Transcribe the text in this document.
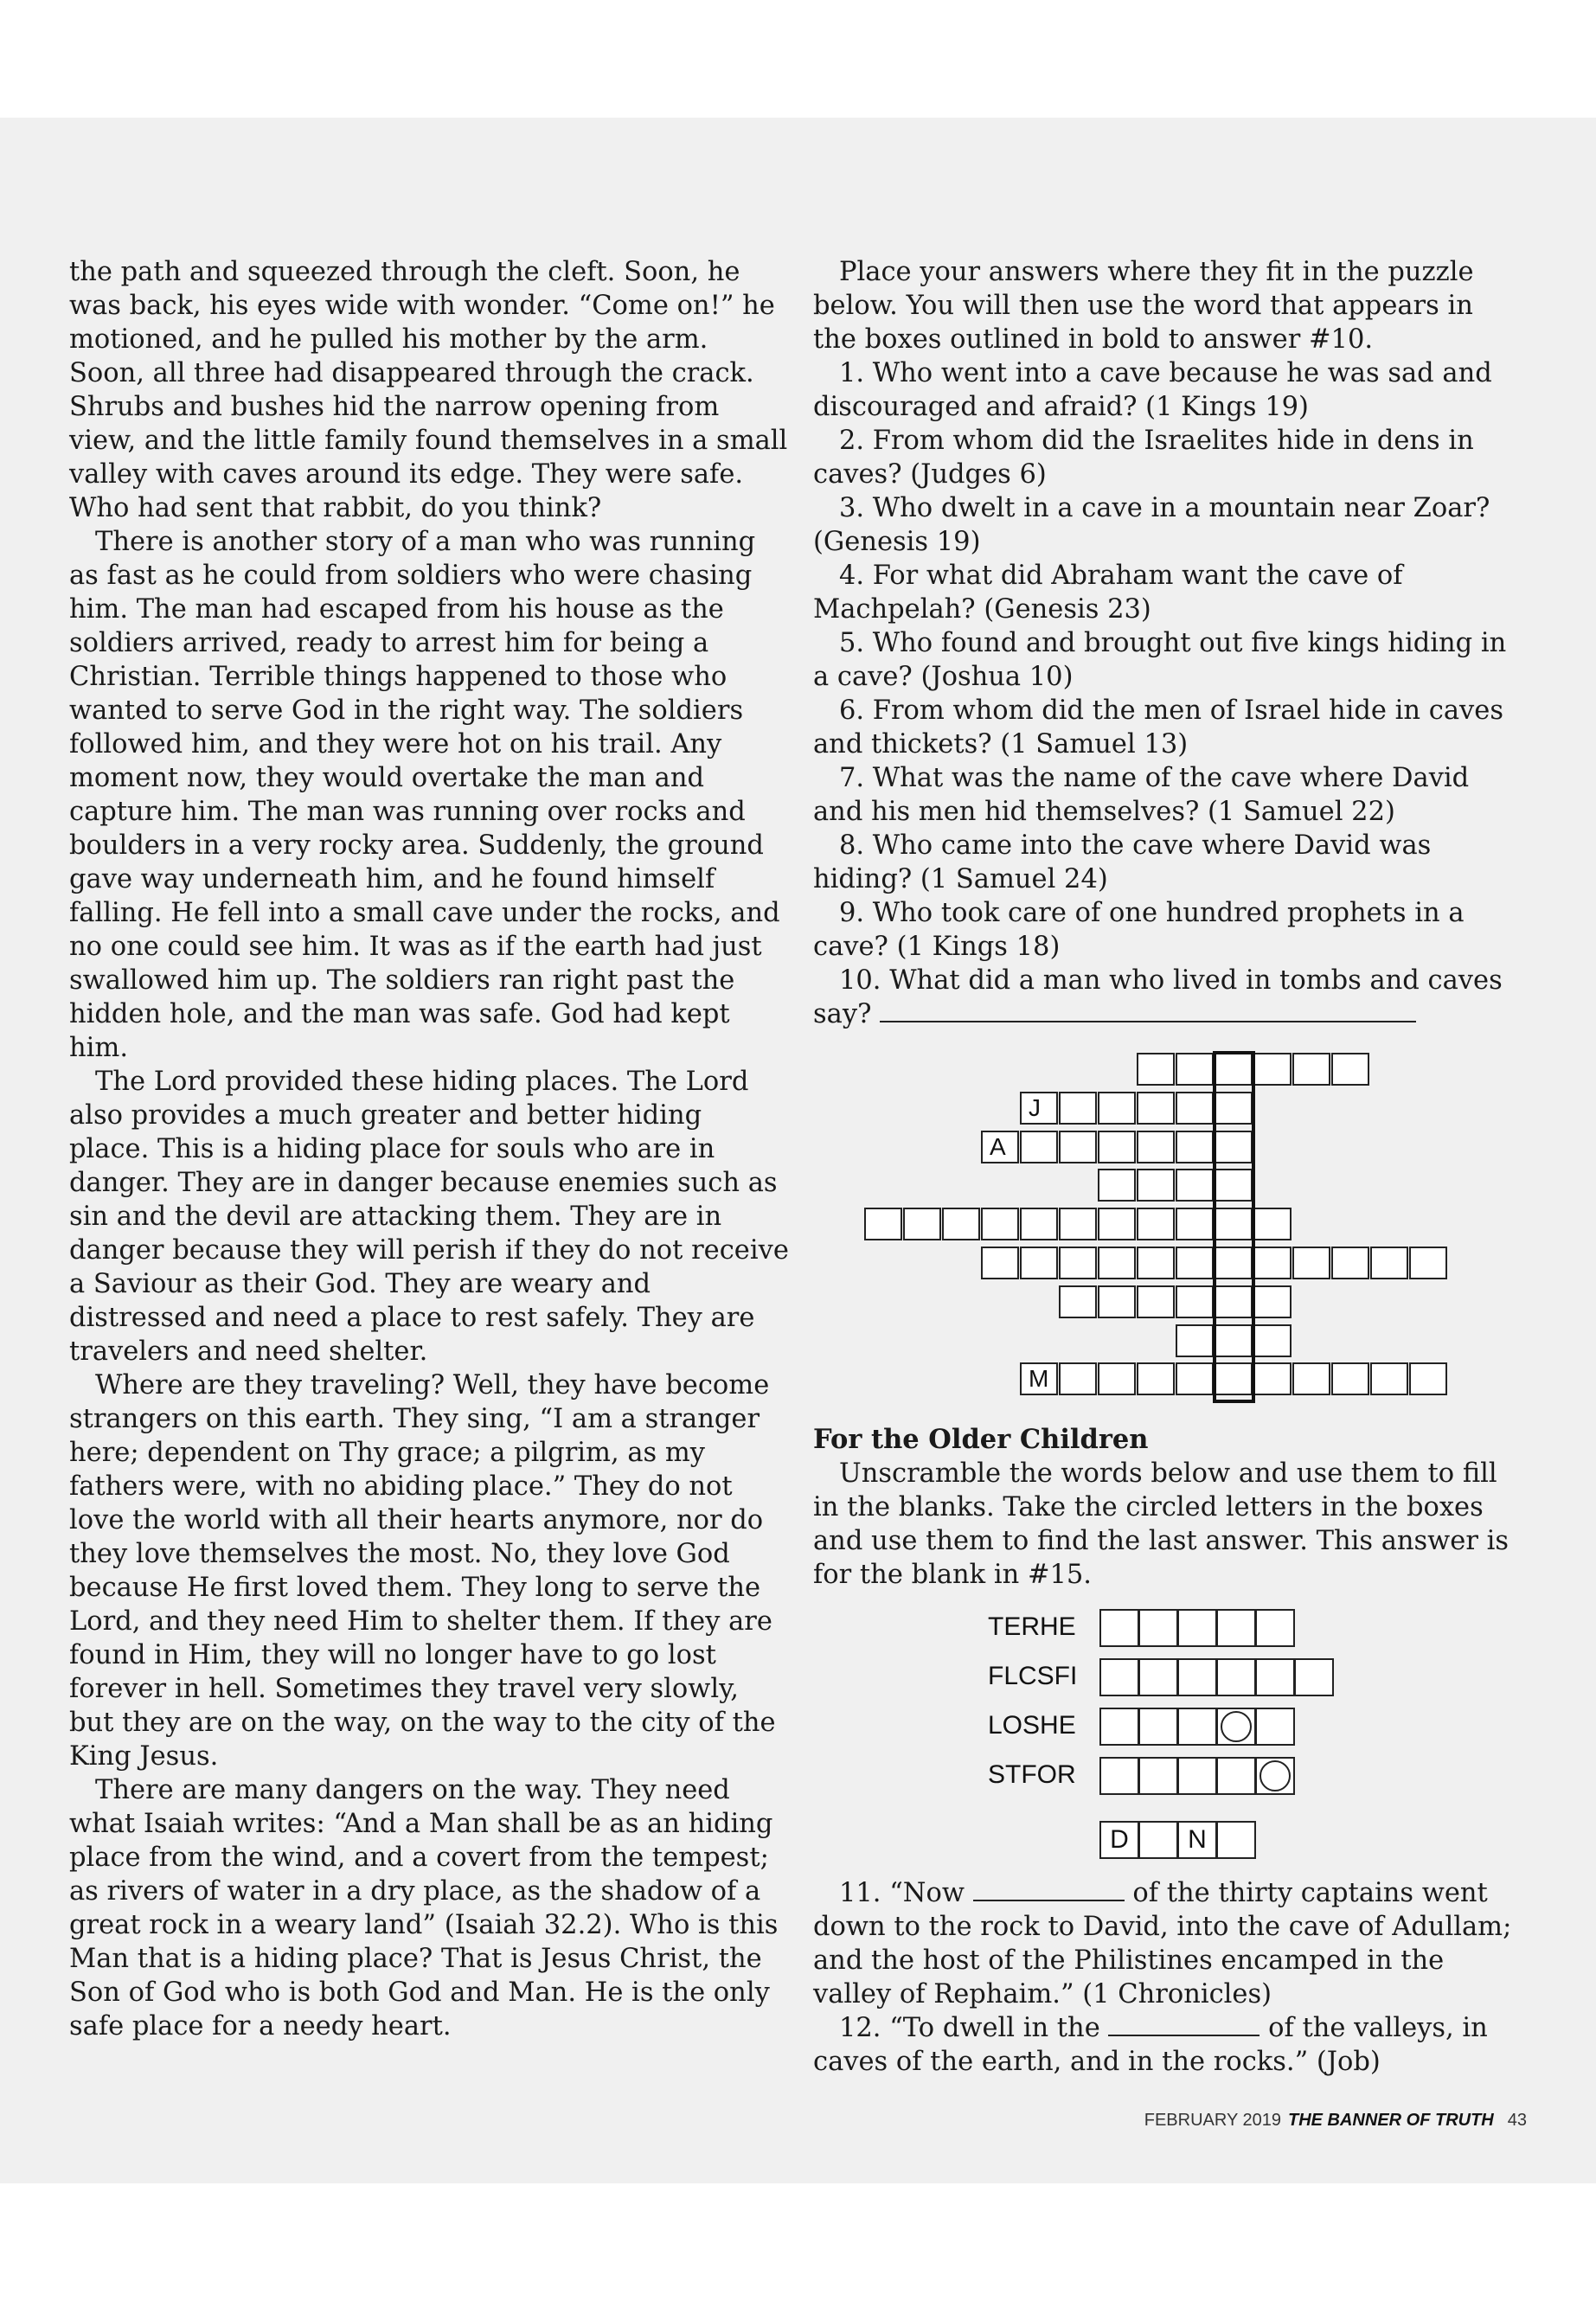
the path and squeezed through the cleft. Soon, he was back, his eyes wide with wonder. “Come on!” he motioned, and he pulled his mother by the arm. Soon, all three had disappeared through the crack. Shrubs and bushes hid the narrow opening from view, and the little family found themselves in a small valley with caves around its edge. They were safe. Who had sent that rabbit, do you think?

There is another story of a man who was running as fast as he could from soldiers who were chasing him. The man had escaped from his house as the soldiers arrived, ready to arrest him for being a Christian. Terrible things happened to those who wanted to serve God in the right way. The soldiers followed him, and they were hot on his trail. Any moment now, they would overtake the man and capture him. The man was running over rocks and boulders in a very rocky area. Suddenly, the ground gave way underneath him, and he found himself falling. He fell into a small cave under the rocks, and no one could see him. It was as if the earth had just swallowed him up. The soldiers ran right past the hidden hole, and the man was safe. God had kept him.

The Lord provided these hiding places. The Lord also provides a much greater and better hiding place. This is a hiding place for souls who are in danger. They are in danger because enemies such as sin and the devil are attacking them. They are in danger because they will perish if they do not receive a Saviour as their God. They are weary and distressed and need a place to rest safely. They are travelers and need shelter.

Where are they traveling? Well, they have become strangers on this earth. They sing, “I am a stranger here; dependent on Thy grace; a pilgrim, as my fathers were, with no abiding place.” They do not love the world with all their hearts anymore, nor do they love themselves the most. No, they love God because He first loved them. They long to serve the Lord, and they need Him to shelter them. If they are found in Him, they will no longer have to go lost forever in hell. Sometimes they travel very slowly, but they are on the way, on the way to the city of the King Jesus.

There are many dangers on the way. They need what Isaiah writes: “And a Man shall be as an hiding place from the wind, and a covert from the tempest; as rivers of water in a dry place, as the shadow of a great rock in a weary land” (Isaiah 32.2). Who is this Man that is a hiding place? That is Jesus Christ, the Son of God who is both God and Man. He is the only safe place for a needy heart.

Place your answers where they fit in the puzzle below. You will then use the word that appears in the boxes outlined in bold to answer #10.

1. Who went into a cave because he was sad and discouraged and afraid? (1 Kings 19)

2. From whom did the Israelites hide in dens in caves? (Judges 6)

3. Who dwelt in a cave in a mountain near Zoar? (Genesis 19)

4. For what did Abraham want the cave of Machpelah? (Genesis 23)

5. Who found and brought out five kings hiding in a cave? (Joshua 10)

6. From whom did the men of Israel hide in caves and thickets? (1 Samuel 13)

7. What was the name of the cave where David and his men hid themselves? (1 Samuel 22)

8. Who came into the cave where David was hiding? (1 Samuel 24)

9. Who took care of one hundred prophets in a cave? (1 Kings 18)

10. What did a man who lived in tombs and caves say?

For the Older Children

Unscramble the words below and use them to fill in the blanks. Take the circled letters in the boxes and use them to find the last answer. This answer is for the blank in #15.

11. “Now	of the thirty captains went down to the rock to David, into the cave of Adullam; and the host of the Philistines encamped in the valley of Rephaim.” (1 Chronicles)

12. “To dwell in the	of the valleys, in caves of the earth, and in the rocks.” (Job)

FEBRUARY 2019 THE BANNER OF TRUTH 43
J
A
M
TERHE
FLCSFI
LOSHE
STFOR
D	N
